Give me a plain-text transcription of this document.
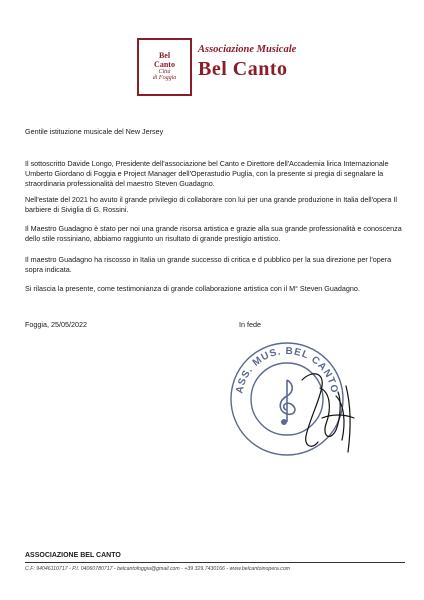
Bel
Canto
Città
di Foggia
Associazione Musicale
Bel Canto
Gentile istituzione musicale del New Jersey
Il sottoscritto Davide Longo, Presidente dell'associazione bel Canto e Direttore dell'Accademia lirica Internazionale Umberto Giordano di Foggia e Project Manager dell'Operastudio Puglia, con la presente si pregia di segnalare la straordinaria professionalità del maestro Steven Guadagno.
Nell'estate del 2021 ho avuto il grande privilegio di collaborare con lui per una grande produzione in Italia dell'opera Il barbiere di Siviglia di G. Rossini.
Il Maestro Guadagno è stato per noi una grande risorsa artistica e grazie alla sua grande professionalità e conoscenza dello stile rossiniano, abbiamo raggiunto un risultato di grande prestigio artistico.
Il maestro Guadagno ha riscosso in Italia un grande successo di critica e d pubblico per la sua direzione per l'opera sopra indicata.
Si rilascia la presente, come testimonianza di grande collaborazione artistica con il M° Steven Guadagno.
Foggia, 25/05/2022	In fede
ASS. MUS. BEL CANTO
ASSOCIAZIONE BEL CANTO
C.F: 94046110717 - P.I. 04060780717 - belcantofoggia@gmail.com - +39 329.7430166 - www.belcantoinopera.com
